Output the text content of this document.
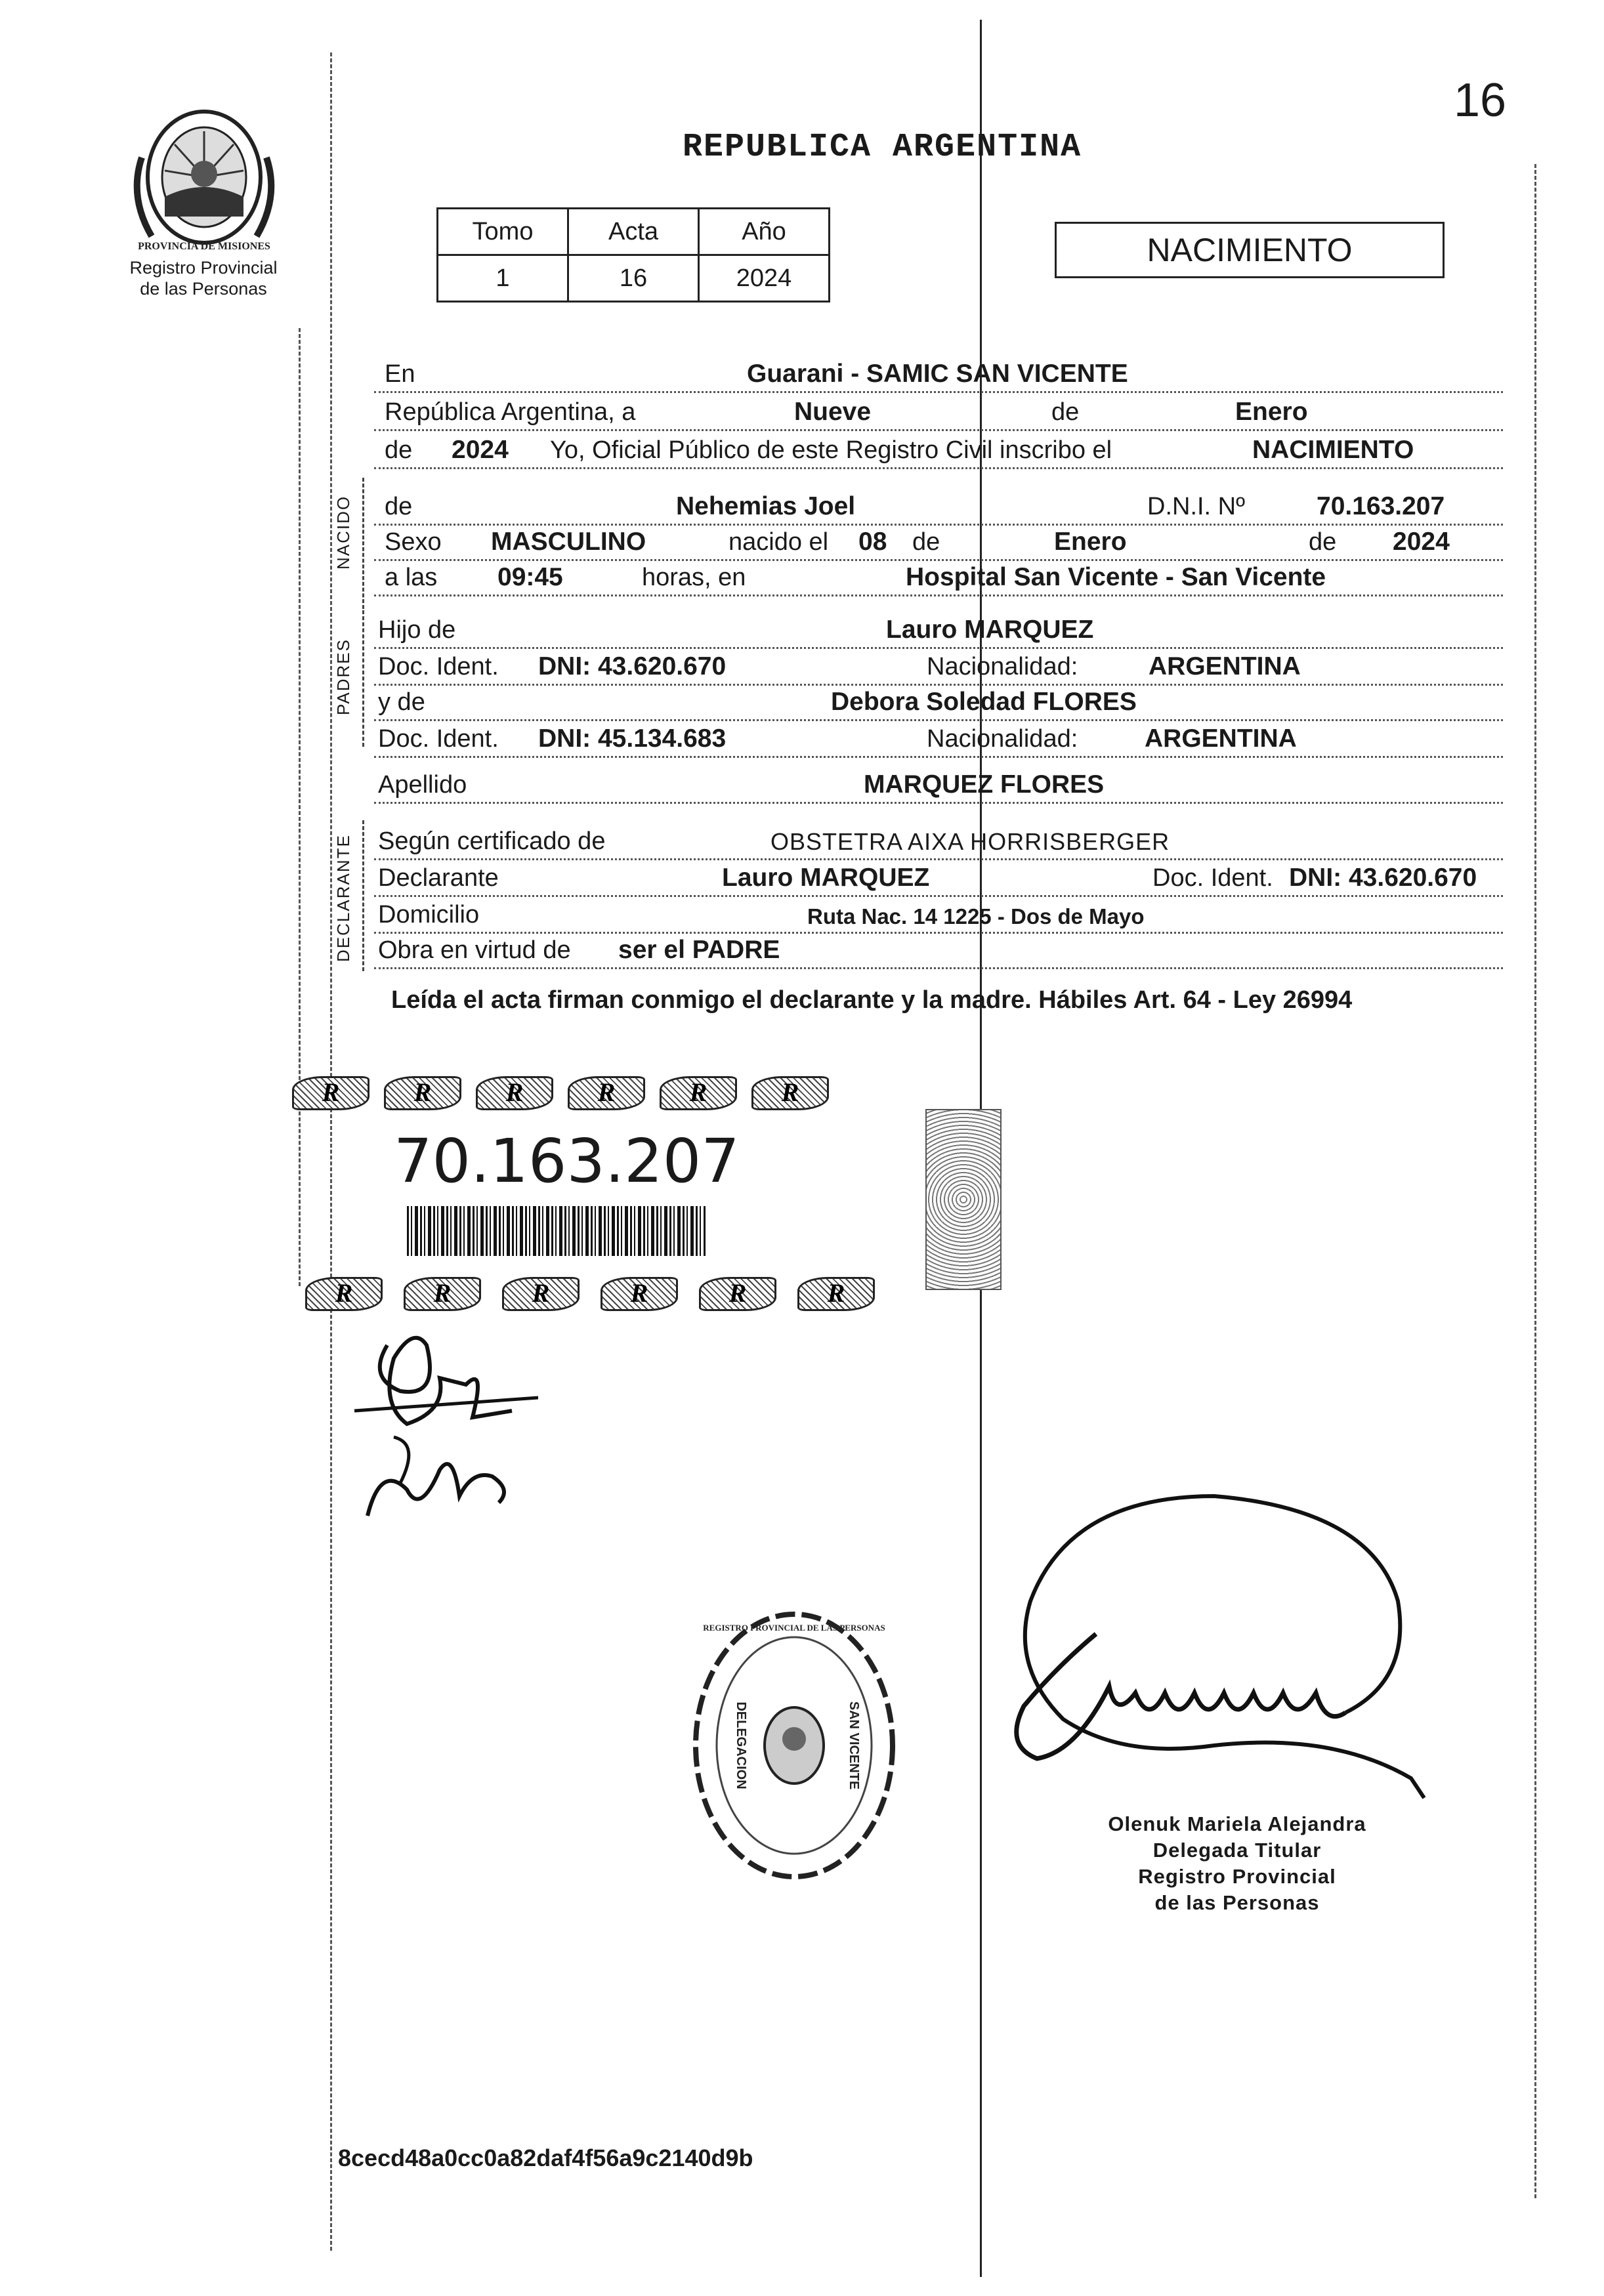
16
PROVINCIA DE MISIONES
Registro Provincial
de las Personas
REPUBLICA ARGENTINA
Tomo	Acta	Año
1	16	2024
NACIMIENTO
NACIDO
PADRES
DECLARANTE
En	Guarani - SAMIC SAN VICENTE
República Argentina, a	Nueve	de	Enero
de 2024 Yo, Oficial Público de este Registro Civil inscribo el	NACIMIENTO
de	Nehemias Joel	D.N.I. Nº	70.163.207
Sexo MASCULINO	nacido el 08 de	Enero	de 2024
a las 09:45	horas, en	Hospital San Vicente - San Vicente
Hijo de	Lauro MARQUEZ
Doc. Ident. DNI: 43.620.670	Nacionalidad:	ARGENTINA
y de	Debora Soledad FLORES
Doc. Ident. DNI: 45.134.683	Nacionalidad:	ARGENTINA
Apellido	MARQUEZ FLORES
Según certificado de	OBSTETRA AIXA HORRISBERGER
Declarante	Lauro MARQUEZ	Doc. Ident. DNI: 43.620.670
Domicilio	Ruta Nac. 14 1225 - Dos de Mayo
Obra en virtud de ser el PADRE
Leída el acta firman conmigo el declarante y la madre. Hábiles Art. 64 - Ley 26994
R	R	R	R	R	R
70.163.207
R	R	R	R	R	R
REGISTRO PROVINCIAL DE LAS PERSONAS
DELEGACION	SAN VICENTE
Olenuk Mariela Alejandra
Delegada Titular
Registro Provincial
de las Personas
8cecd48a0cc0a82daf4f56a9c2140d9b
